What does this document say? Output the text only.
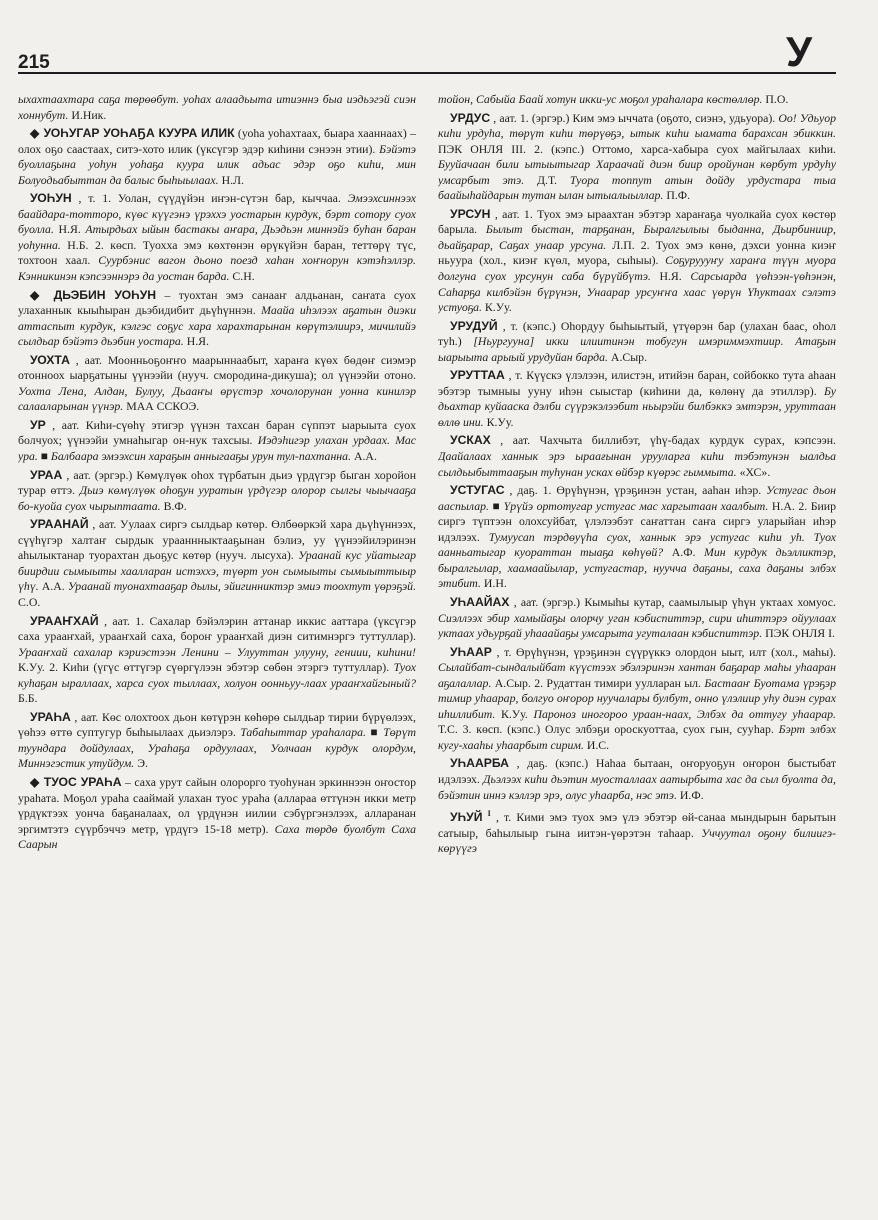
215	У

ыхахтаахтара саҕа төрөөбут. уоhах алаадьыта итиэннэ быа иэдьэгэй сиэн хоннубут. И.Ник.

◆ УОҺУГАР УОҺАҔА КУУРА ИЛИК (уоhа уоhахтаах, быара хааннаах) – олох оҕо саастаах, ситэ-хото илик (үксүгэр эдэр киһини сэнээн этии). Бэйэтэ буоллаҕына уоhун уоhаҕа куура илик адьас эдэр оҕо киһи, мин Болуодьабыттан да балыс быһыылаах. Н.Л.

УОҺУН , т. 1. Уолан, сүүдүйэн иҥэн-сүтэн бар, кыччаа. Эмээхсиннээх баайдара-тотторо, күөс күүгэнэ үрэххэ уостарын курдук, бэрт сотору суох буолла. Н.Я. Атырдьах ыйын бастакы аҥара, Дьэдьэн миннэйэ буһан баран уоhунна. Н.Б. 2. көсп. Туохха эмэ көхтөнэн өрүкүйэн баран, теттөрү түс, тохтоон хаал. Суурбэнис вагон дьоно поезд хаһан хоҥнорун кэтэһэллэр. Кэнникинэн кэпсээннэрэ да уостан барда. С.Н.

◆ ДЬЭБИН УОҺУН – туохтан эмэ санааҥ алдьанан, саҥата суох улаханнык кыыһыран дьэбидибит дьүһүннэн. Маайа иһэлээх аҕатын диэки аттаспыт курдук, кэлгэс соҕус хара харахтарынан көрүтэлиирэ, мичилийэ сылдьар бэйэтэ дьэбин уостара. Н.Я.

УОХТА , аат. Моонньоҕоҥҥо маарыннаабыт, хараҥа күөх бөдөҥ сиэмэр отонноох ыарҕатыны үүнээйи (нууч. смородина-дикуша); ол үүнээйи отоно. Уохта Лена, Алдан, Булуу, Дьааҥы өрүстэр хочолорунан уонна кинилэр салааларынан үүнэр. МАА ССКОЭ.

УР , аат. Киһи-сүөһү этигэр үүнэн тахсан баран сүппэт ыарыыта суох болчуох; үүнээйи умнаһыгар он-нук тахсыы. Иэдэһигэр улахан урдаах. Мас ура. ■ Балбаара эмээхсин хараҕын анныгааҕы урун тул-пахтанна. А.А.

УРАА , аат. (эргэр.) Көмүлүөк оһох түрбатын дьиэ үрдүгэр быган хоройон турар өттэ. Дьиэ көмүлүөк оһоҕун ууратын үрдүгэр олорор сылгы чыычааҕа бо-куойа суох чырыптаата. В.Ф.

УРААНАЙ , аат. Уулаах сиргэ сылдьар көтөр. Өлбөөркэй хара дьүһүннээх, сүүһүгэр халтаҥ сырдык урааннныктааҕынан бэлиэ, уу үүнээйилэринэн аһылыктанар туорахтан дьоҕус көтөр (нууч. лысуха). Ураанай кус уйатыгар биирдии сымыыты хаалларан истэххэ, түөрт уон сымыыты сымыыттыыр үһү. А.А. Ураанай туонахтааҕар дылы, эйигинниктэр эмиэ тоохтут үөрэҕэй. С.О.

УРААҤХАЙ , аат. 1. Сахалар бэйэлэрин аттанар иккис ааттара (үксүгэр саха урааҥхай, урааҥхай саха, бороҥ урааҥхай диэн ситимнэргэ туттуллар). Урааҥхай сахалар кэриэстээн Ленини – Улууттан улууну, гениии, киһини! К.Уу. 2. Киһи (үгүс өттүгэр сүөргүлээн эбэтэр сөбөн этэргэ туттуллар). Туох куһаҕан ыраллаах, харса суох тыллаах, холуон оонньуу-лаах урааҥхайгыный? Б.Б.

УРАҺА , аат. Көс олохтоох дьон көтүрэн көһөрө сылдьар тирии бүрүөлээх, үөһээ өттө суптугур быһыылаах дьиэлэрэ. Табаһыттар ураһалара. ■ Төрүт туундара дойдулаах, Ураһаҕа ордуулаах, Уолчаан курдук олордум, Миннэгэстик утуйдум. Э.

◆ ТУОС УРАҺА – саха урут сайын олорорго туоһунан эркиннээн оҥостор ураһата. Моҕол ураһа сааймай улахан туос ураһа (аллараа өттүнэн икки метр үрдүктээх уонча баҕаналаах, ол үрдүнэн иилии сэбүргэнэлээх, алларанан эргимтэтэ сүүрбэччэ метр, үрдүгэ 15-18 метр). Саха төрдө буолбут Саха Саарын

тойон, Сабыйа Баай хотун икки-ус моҕол ураһалара көстөллөр. П.О.

УРДУС , аат. 1. (эргэр.) Ким эмэ ыччата (оҕото, сиэнэ, удьуора). Оо! Удьуор киһи урдуһа, төрүт киһи төрүөҕэ, ытык киһи ыамата барахсан эбиккин. ПЭК ОНЛЯ III. 2. (кэпс.) Оттомо, харса-хабыра суох майгылаах киһи. Бууйачаан били ытыытыгар Хараачай диэн биир оройунан көрбут урдуһу умсарбыт этэ. Д.Т. Туора топпут атын дойду урдустара тыа баайыһайдарын тутан ылан ытыалыыллар. П.Ф.

УРСУН , аат. 1. Туох эмэ ыраахтан эбэтэр хараҥаҕа чуолкайа суох көстөр барыла. Былыт быстан, тарҕанан, Быралгылыы быданна, Дьирбиниир, дьайҕарар, Саҕах унаар урсуна. Л.П. 2. Туох эмэ көнө, дэхси уонна киэҥ ньуура (хол., киэҥ күөл, муора, сыһыы). Соҕуруууҥу хараҥа түүн муора долгуна суох урсунун саба бүрүйбүтэ. Н.Я. Сарсыарда үөһээн-үөһэнэн, Саһарҕа килбэйэн бүрүнэн, Унаарар урсуҥҥа хаас үөрүн Үһуктаах сэлэтэ устуоҕа. К.Уу.

УРУДУЙ , т. (кэпс.) Оһордуу быһыытый, үтүөрэн бар (улахан баас, оһол туһ.) [Ньургууна] икки илиитинэн тобугун имэриммэхтиир. Атаҕын ыарыыта арыый урудуйан барда. А.Сыр.

УРУТТАА , т. Күүскэ үлэлээн, илистэн, итийэн баран, сойбокко тута аһаан эбэтэр тымныы ууну иһэн сыыстар (киһини да, көлөнү да этиллэр). Бу дьахтар куйааска дэлби сүүрэкэлээбит ньырэйи билбэккэ эмтэрэн, уруттаан өллө ини. К.Уу.

УСКАХ , аат. Чахчыта биллибэт, үһү-бадах курдук сурах, кэпсээн. Даайалаах ханнык эрэ ыраағынан урууларга киһи тэбэтунэн ыалдьа сылдьыбыттааҕын туһунан усках өйбэр күөрэс гыммыта. «ХС».

УСТУГАС , даҕ. 1. Өрүһүнэн, үрэҕинэн устан, ааһан иһэр. Устугас дьон ааспылар. ■ Үрүйэ ортотугар устугас мас харгытаан хаалбыт. Н.А. 2. Биир сиргэ түптээн олохсуйбат, үлэлээбэт саҥаттан саҥа сиргэ уларыйан иһэр идэлээх. Тумуусап тэрдөуүһа суох, ханнык эрэ устугас киһи уһ. Туох аанньатыгар куораттан тыаҕа көһүөй? А.Ф. Мин курдук дьэлликтэр, быралгылар, хаамаайылар, устугастар, нууччa даҕаны, саха даҕаны элбэх этибит. И.Н.

УҺААЙАХ , аат. (эргэр.) Кымыһы кутар, саамылыыр үһүн уктаах хомуос. Сиэллээх эбир хамыйаҕы олорчу уган кэбиспиттэр, сири иһиттэрэ ойуулаах уктаах удьурҕай уһааайаҕы умсарыта угуталаан кэбиспиттэр. ПЭК ОНЛЯ I.

УҺААР , т. Өрүһүнэн, үрэҕинэн сүүрүккэ олордон ыыт, илт (хол., маһы). Сылайбат-сындалыйбат күүстээх эбэлэринэн хантан баҕарар маһы уһааран аҕалаллар. А.Сыр. 2. Рудаттан тимири уулларан ыл. Бастааҥ Буотама үрэҕэр тимир уһаарар, болгуо оҥорор нуучалары булбут, онно үлэлиир уһу диэн сурах иһиллибит. К.Уу. Пароноз иногороо ураан-наах, Элбэх да оттугу уһаарар. Т.С. 3. көсп. (кэпс.) Олус элбэҕи ороскуоттаа, суох гын, сууһар. Бэрт элбэх кугу-хааһы уһаарбыт сирим. И.С.

УҺААРБА , даҕ. (кэпс.) Наһаа бытаан, оҥоруоҕун оҥорон быстыбат идэлээх. Дьэлээх киһи дьэтин муосталлаах аатырбыта хас да сыл буолта да, бэйэтин иннэ кэллэр эрэ, олус уһаарба, нэс этэ. И.Ф.

УҺУЙ $^I$ , т. Кими эмэ туох эмэ үлэ эбэтэр өй-санаа мындырын барытын сатыыр, баһылыыр гына иитэн-үөрэтэн таһаар. Уччуутал оҕону билиигэ-көрүүгэ
